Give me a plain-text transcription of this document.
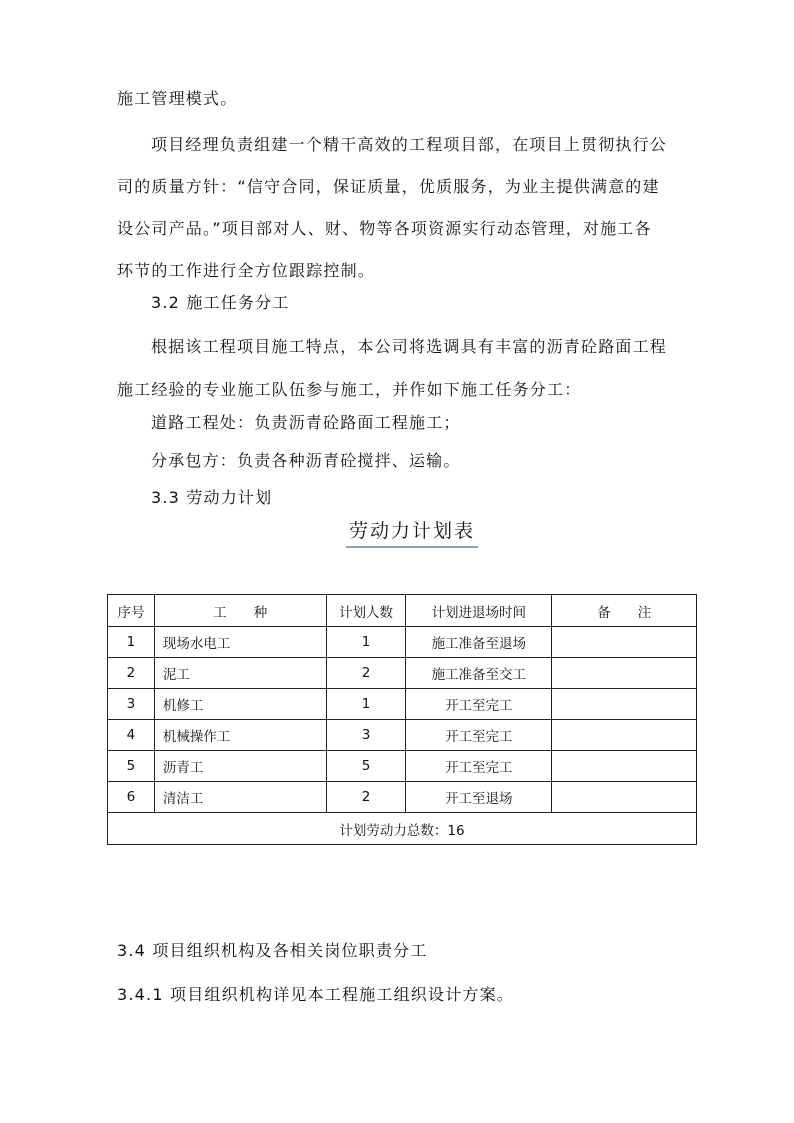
施工管理模式。
项目经理负责组建一个精干高效的工程项目部，在项目上贯彻执行公
司的质量方针：“信守合同，保证质量，优质服务，为业主提供满意的建
设公司产品。”项目部对人、财、物等各项资源实行动态管理，对施工各
环节的工作进行全方位跟踪控制。
3.2 施工任务分工
根据该工程项目施工特点，本公司将选调具有丰富的沥青砼路面工程
施工经验的专业施工队伍参与施工，并作如下施工任务分工：
道路工程处：负责沥青砼路面工程施工；
分承包方：负责各种沥青砼搅拌、运输。
3.3 劳动力计划
劳动力计划表
序号	工　　种	计划人数	计划进退场时间	备　　注
1	现场水电工	1	施工准备至退场	
2	泥工	2	施工准备至交工	
3	机修工	1	开工至完工	
4	机械操作工	3	开工至完工	
5	沥青工	5	开工至完工	
6	清洁工	2	开工至退场	
计划劳动力总数：16				
3.4 项目组织机构及各相关岗位职责分工
3.4.1 项目组织机构详见本工程施工组织设计方案。
